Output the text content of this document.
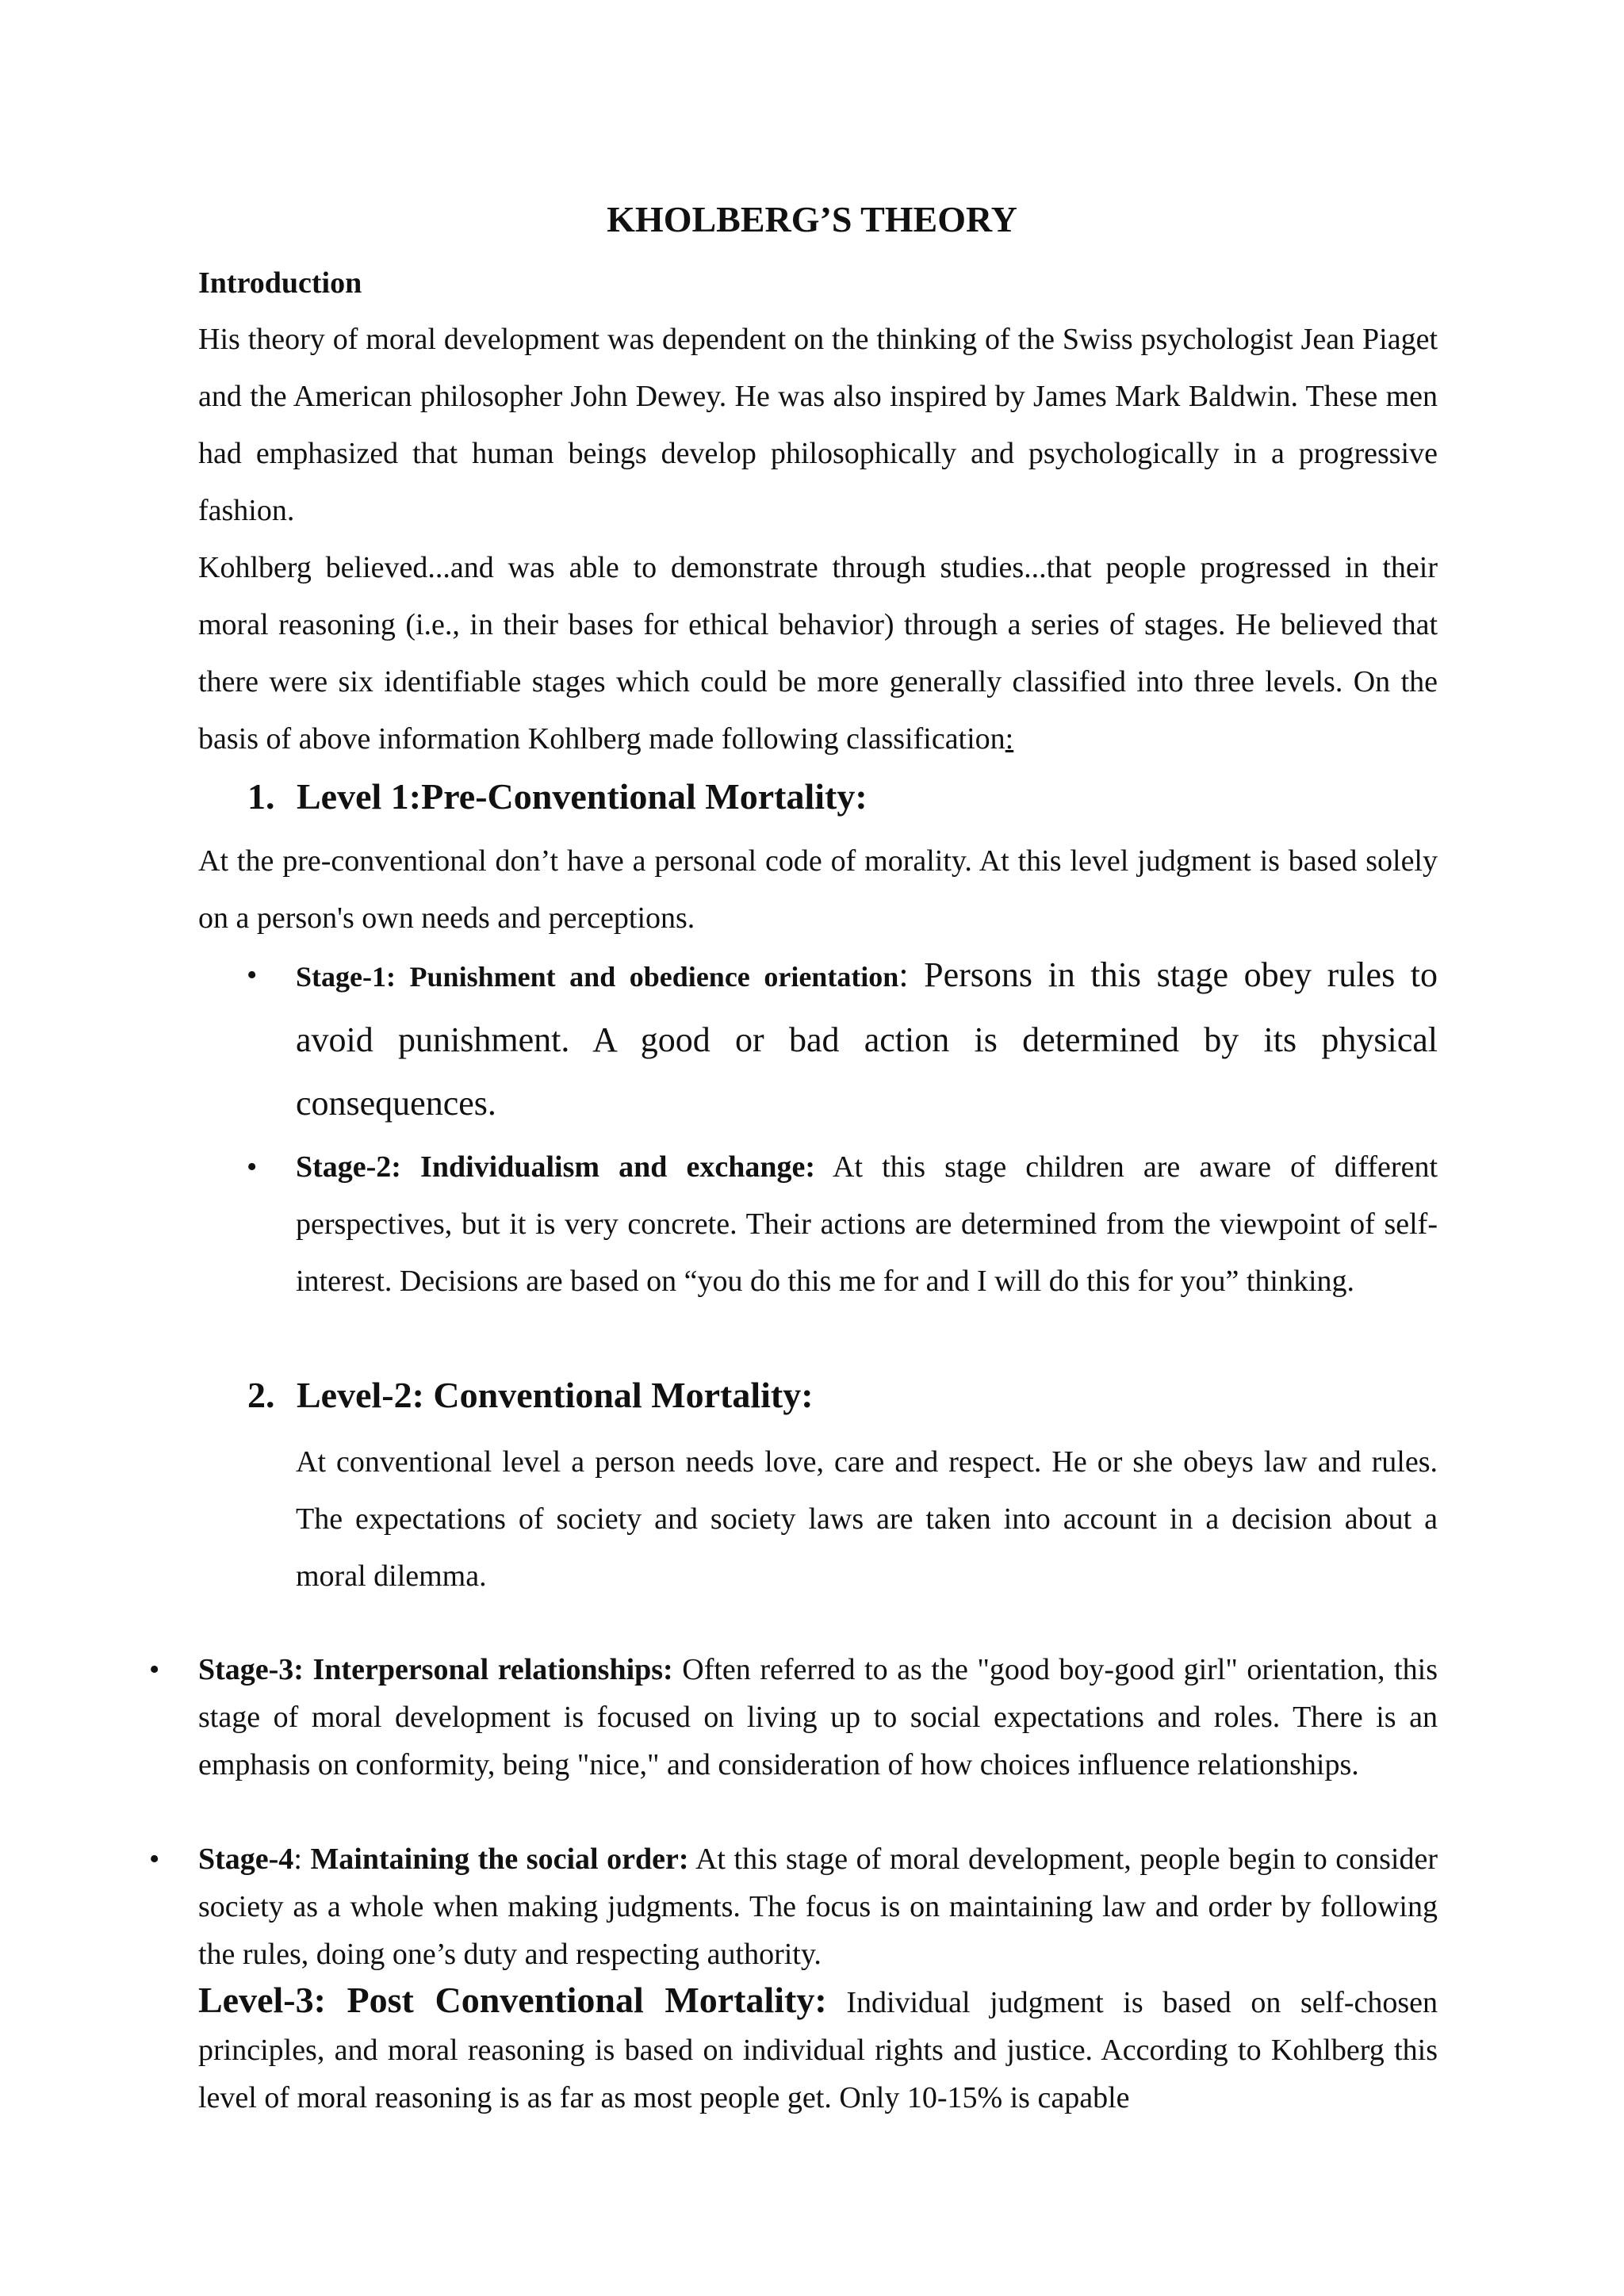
KHOLBERG’S THEORY
Introduction

His theory of moral development was dependent on the thinking of the Swiss psychologist Jean Piaget and the American philosopher John Dewey. He was also inspired by James Mark Baldwin. These men had emphasized that human beings develop philosophically and psychologically in a progressive fashion.

Kohlberg believed...and was able to demonstrate through studies...that people progressed in their moral reasoning (i.e., in their bases for ethical behavior) through a series of stages. He believed that there were six identifiable stages which could be more generally classified into three levels. On the basis of above information Kohlberg made following classification:

1. Level 1:Pre-Conventional Mortality:

At the pre-conventional don’t have a personal code of morality. At this level judgment is based solely on a person's own needs and perceptions.

• Stage-1: Punishment and obedience orientation: Persons in this stage obey rules to avoid punishment. A good or bad action is determined by its physical consequences.
• Stage-2: Individualism and exchange: At this stage children are aware of different perspectives, but it is very concrete. Their actions are determined from the viewpoint of self-interest. Decisions are based on “you do this me for and I will do this for you” thinking.
2. Level-2: Conventional Mortality:

At conventional level a person needs love, care and respect. He or she obeys law and rules. The expectations of society and society laws are taken into account in a decision about a moral dilemma.

• Stage-3: Interpersonal relationships: Often referred to as the "good boy-good girl" orientation, this stage of moral development is focused on living up to social expectations and roles. There is an emphasis on conformity, being "nice," and consideration of how choices influence relationships.
• Stage-4: Maintaining the social order: At this stage of moral development, people begin to consider society as a whole when making judgments. The focus is on maintaining law and order by following the rules, doing one’s duty and respecting authority.
Level-3: Post Conventional Mortality: Individual judgment is based on self-chosen principles, and moral reasoning is based on individual rights and justice. According to Kohlberg this level of moral reasoning is as far as most people get. Only 10-15% is capable
